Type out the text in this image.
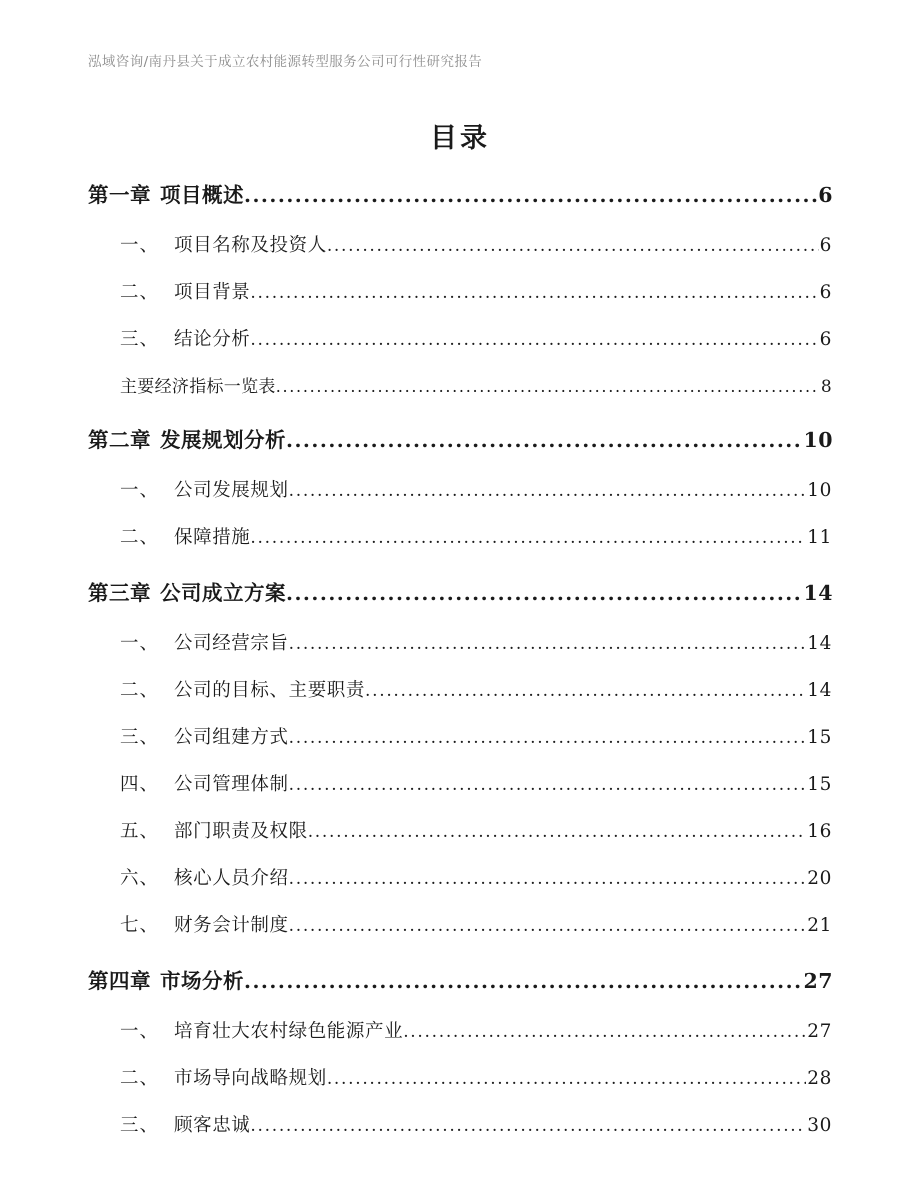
泓域咨询/南丹县关于成立农村能源转型服务公司可行性研究报告
目录
第一章 项目概述 .....	6
一、 项目名称及投资人 .....	6
二、 项目背景 .....	6
三、 结论分析 .....	6
主要经济指标一览表 .....	8
第二章 发展规划分析 .....	10
一、 公司发展规划 .....	10
二、 保障措施 .....	11
第三章 公司成立方案 .....	14
一、 公司经营宗旨 .....	14
二、 公司的目标、主要职责 .....	14
三、 公司组建方式 .....	15
四、 公司管理体制 .....	15
五、 部门职责及权限 .....	16
六、 核心人员介绍 .....	20
七、 财务会计制度 .....	21
第四章 市场分析 .....	27
一、 培育壮大农村绿色能源产业 .....	27
二、 市场导向战略规划 .....	28
三、 顾客忠诚 .....	30
